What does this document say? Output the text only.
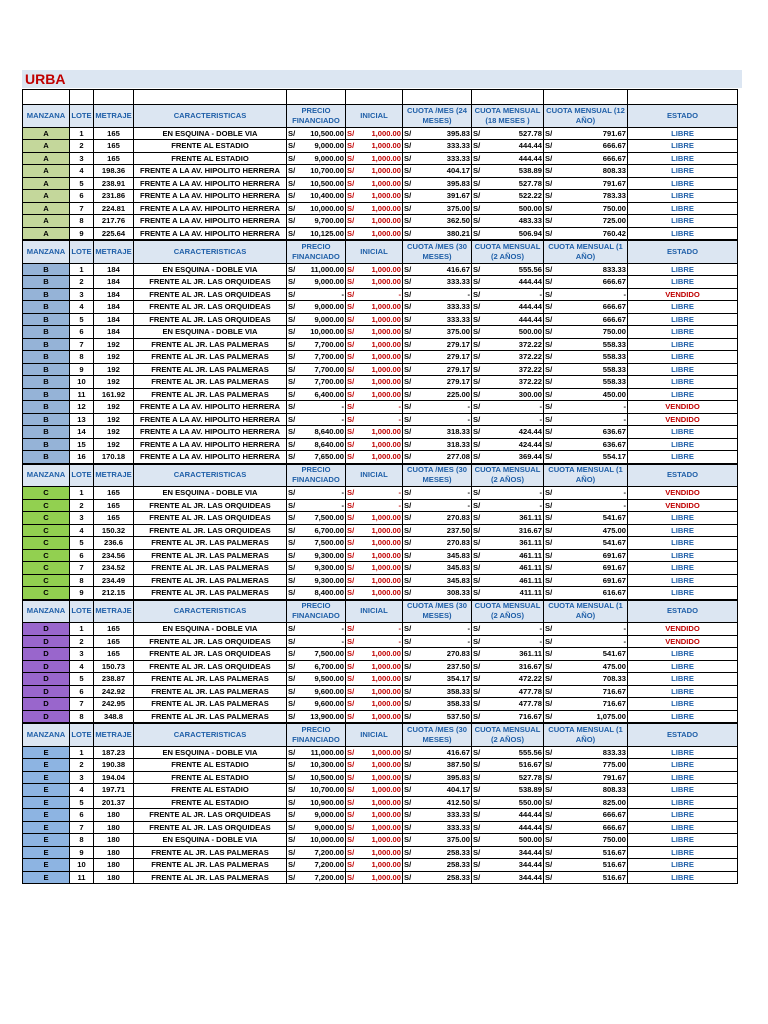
URBA

MANZANA	LOTE	METRAJE	CARACTERISTICAS	PRECIO FINANCIADO	INICIAL	CUOTA /MES (24 MESES)	CUOTA MENSUAL (18 MESES )	CUOTA MENSUAL (12 AÑO)	ESTADO
A	1	165	EN ESQUINA - DOBLE VIA	S/ 10,500.00	S/ 1,000.00	S/ 395.83	S/ 527.78	S/ 791.67	LIBRE
A	2	165	FRENTE AL ESTADIO	S/ 9,000.00	S/ 1,000.00	S/ 333.33	S/ 444.44	S/ 666.67	LIBRE
A	3	165	FRENTE AL ESTADIO	S/ 9,000.00	S/ 1,000.00	S/ 333.33	S/ 444.44	S/ 666.67	LIBRE
A	4	198.36	FRENTE A LA AV. HIPOLITO HERRERA	S/ 10,700.00	S/ 1,000.00	S/ 404.17	S/ 538.89	S/ 808.33	LIBRE
A	5	238.91	FRENTE A LA AV. HIPOLITO HERRERA	S/ 10,500.00	S/ 1,000.00	S/ 395.83	S/ 527.78	S/ 791.67	LIBRE
A	6	231.86	FRENTE A LA AV. HIPOLITO HERRERA	S/ 10,400.00	S/ 1,000.00	S/ 391.67	S/ 522.22	S/ 783.33	LIBRE
A	7	224.81	FRENTE A LA AV. HIPOLITO HERRERA	S/ 10,000.00	S/ 1,000.00	S/ 375.00	S/ 500.00	S/ 750.00	LIBRE
A	8	217.76	FRENTE A LA AV. HIPOLITO HERRERA	S/ 9,700.00	S/ 1,000.00	S/ 362.50	S/ 483.33	S/ 725.00	LIBRE
A	9	225.64	FRENTE A LA AV. HIPOLITO HERRERA	S/ 10,125.00	S/ 1,000.00	S/ 380.21	S/ 506.94	S/ 760.42	LIBRE
MANZANA	LOTE	METRAJE	CARACTERISTICAS	PRECIO FINANCIADO	INICIAL	CUOTA /MES (30 MESES)	CUOTA MENSUAL (2 AÑOS)	CUOTA MENSUAL (1 AÑO)	ESTADO
B	1	184	EN ESQUINA - DOBLE VIA	S/ 11,000.00	S/ 1,000.00	S/ 416.67	S/ 555.56	S/ 833.33	LIBRE
B	2	184	FRENTE AL JR. LAS ORQUIDEAS	S/ 9,000.00	S/ 1,000.00	S/ 333.33	S/ 444.44	S/ 666.67	LIBRE
B	3	184	FRENTE AL JR. LAS ORQUIDEAS	S/ -	S/ -	S/ -	S/ -	S/ -	VENDIDO
B	4	184	FRENTE AL JR. LAS ORQUIDEAS	S/ 9,000.00	S/ 1,000.00	S/ 333.33	S/ 444.44	S/ 666.67	LIBRE
B	5	184	FRENTE AL JR. LAS ORQUIDEAS	S/ 9,000.00	S/ 1,000.00	S/ 333.33	S/ 444.44	S/ 666.67	LIBRE
B	6	184	EN ESQUINA - DOBLE VIA	S/ 10,000.00	S/ 1,000.00	S/ 375.00	S/ 500.00	S/ 750.00	LIBRE
B	7	192	FRENTE AL JR. LAS PALMERAS	S/ 7,700.00	S/ 1,000.00	S/ 279.17	S/ 372.22	S/ 558.33	LIBRE
B	8	192	FRENTE AL JR. LAS PALMERAS	S/ 7,700.00	S/ 1,000.00	S/ 279.17	S/ 372.22	S/ 558.33	LIBRE
B	9	192	FRENTE AL JR. LAS PALMERAS	S/ 7,700.00	S/ 1,000.00	S/ 279.17	S/ 372.22	S/ 558.33	LIBRE
B	10	192	FRENTE AL JR. LAS PALMERAS	S/ 7,700.00	S/ 1,000.00	S/ 279.17	S/ 372.22	S/ 558.33	LIBRE
B	11	161.92	FRENTE AL JR. LAS PALMERAS	S/ 6,400.00	S/ 1,000.00	S/ 225.00	S/ 300.00	S/ 450.00	LIBRE
B	12	192	FRENTE A LA AV. HIPOLITO HERRERA	S/ -	S/ -	S/ -	S/ -	S/ -	VENDIDO
B	13	192	FRENTE A LA AV. HIPOLITO HERRERA	S/ -	S/ -	S/ -	S/ -	S/ -	VENDIDO
B	14	192	FRENTE A LA AV. HIPOLITO HERRERA	S/ 8,640.00	S/ 1,000.00	S/ 318.33	S/ 424.44	S/ 636.67	LIBRE
B	15	192	FRENTE A LA AV. HIPOLITO HERRERA	S/ 8,640.00	S/ 1,000.00	S/ 318.33	S/ 424.44	S/ 636.67	LIBRE
B	16	170.18	FRENTE A LA AV. HIPOLITO HERRERA	S/ 7,650.00	S/ 1,000.00	S/ 277.08	S/ 369.44	S/ 554.17	LIBRE
MANZANA	LOTE	METRAJE	CARACTERISTICAS	PRECIO FINANCIADO	INICIAL	CUOTA /MES (30 MESES)	CUOTA MENSUAL (2 AÑOS)	CUOTA MENSUAL (1 AÑO)	ESTADO
C	1	165	EN ESQUINA - DOBLE VIA	S/ -	S/ -	S/ -	S/ -	S/ -	VENDIDO
C	2	165	FRENTE AL JR. LAS ORQUIDEAS	S/ -	S/ -	S/ -	S/ -	S/ -	VENDIDO
C	3	165	FRENTE AL JR. LAS ORQUIDEAS	S/ 7,500.00	S/ 1,000.00	S/ 270.83	S/ 361.11	S/ 541.67	LIBRE
C	4	150.32	FRENTE AL JR. LAS ORQUIDEAS	S/ 6,700.00	S/ 1,000.00	S/ 237.50	S/ 316.67	S/ 475.00	LIBRE
C	5	236.6	FRENTE AL JR. LAS PALMERAS	S/ 7,500.00	S/ 1,000.00	S/ 270.83	S/ 361.11	S/ 541.67	LIBRE
C	6	234.56	FRENTE AL JR. LAS PALMERAS	S/ 9,300.00	S/ 1,000.00	S/ 345.83	S/ 461.11	S/ 691.67	LIBRE
C	7	234.52	FRENTE AL JR. LAS PALMERAS	S/ 9,300.00	S/ 1,000.00	S/ 345.83	S/ 461.11	S/ 691.67	LIBRE
C	8	234.49	FRENTE AL JR. LAS PALMERAS	S/ 9,300.00	S/ 1,000.00	S/ 345.83	S/ 461.11	S/ 691.67	LIBRE
C	9	212.15	FRENTE AL JR. LAS PALMERAS	S/ 8,400.00	S/ 1,000.00	S/ 308.33	S/ 411.11	S/ 616.67	LIBRE
MANZANA	LOTE	METRAJE	CARACTERISTICAS	PRECIO FINANCIADO	INICIAL	CUOTA /MES (30 MESES)	CUOTA MENSUAL (2 AÑOS)	CUOTA MENSUAL (1 AÑO)	ESTADO
D	1	165	EN ESQUINA - DOBLE VIA	S/ -	S/ -	S/ -	S/ -	S/ -	VENDIDO
D	2	165	FRENTE AL JR. LAS ORQUIDEAS	S/ -	S/ -	S/ -	S/ -	S/ -	VENDIDO
D	3	165	FRENTE AL JR. LAS ORQUIDEAS	S/ 7,500.00	S/ 1,000.00	S/ 270.83	S/ 361.11	S/ 541.67	LIBRE
D	4	150.73	FRENTE AL JR. LAS ORQUIDEAS	S/ 6,700.00	S/ 1,000.00	S/ 237.50	S/ 316.67	S/ 475.00	LIBRE
D	5	238.87	FRENTE AL JR. LAS PALMERAS	S/ 9,500.00	S/ 1,000.00	S/ 354.17	S/ 472.22	S/ 708.33	LIBRE
D	6	242.92	FRENTE AL JR. LAS PALMERAS	S/ 9,600.00	S/ 1,000.00	S/ 358.33	S/ 477.78	S/ 716.67	LIBRE
D	7	242.95	FRENTE AL JR. LAS PALMERAS	S/ 9,600.00	S/ 1,000.00	S/ 358.33	S/ 477.78	S/ 716.67	LIBRE
D	8	348.8	FRENTE AL JR. LAS PALMERAS	S/ 13,900.00	S/ 1,000.00	S/ 537.50	S/ 716.67	S/ 1,075.00	LIBRE
MANZANA	LOTE	METRAJE	CARACTERISTICAS	PRECIO FINANCIADO	INICIAL	CUOTA /MES (30 MESES)	CUOTA MENSUAL (2 AÑOS)	CUOTA MENSUAL (1 AÑO)	ESTADO
E	1	187.23	EN ESQUINA - DOBLE VIA	S/ 11,000.00	S/ 1,000.00	S/ 416.67	S/ 555.56	S/ 833.33	LIBRE
E	2	190.38	FRENTE AL ESTADIO	S/ 10,300.00	S/ 1,000.00	S/ 387.50	S/ 516.67	S/ 775.00	LIBRE
E	3	194.04	FRENTE AL ESTADIO	S/ 10,500.00	S/ 1,000.00	S/ 395.83	S/ 527.78	S/ 791.67	LIBRE
E	4	197.71	FRENTE AL ESTADIO	S/ 10,700.00	S/ 1,000.00	S/ 404.17	S/ 538.89	S/ 808.33	LIBRE
E	5	201.37	FRENTE AL ESTADIO	S/ 10,900.00	S/ 1,000.00	S/ 412.50	S/ 550.00	S/ 825.00	LIBRE
E	6	180	FRENTE AL JR. LAS ORQUIDEAS	S/ 9,000.00	S/ 1,000.00	S/ 333.33	S/ 444.44	S/ 666.67	LIBRE
E	7	180	FRENTE AL JR. LAS ORQUIDEAS	S/ 9,000.00	S/ 1,000.00	S/ 333.33	S/ 444.44	S/ 666.67	LIBRE
E	8	180	EN ESQUINA - DOBLE VIA	S/ 10,000.00	S/ 1,000.00	S/ 375.00	S/ 500.00	S/ 750.00	LIBRE
E	9	180	FRENTE AL JR. LAS PALMERAS	S/ 7,200.00	S/ 1,000.00	S/ 258.33	S/ 344.44	S/ 516.67	LIBRE
E	10	180	FRENTE AL JR. LAS PALMERAS	S/ 7,200.00	S/ 1,000.00	S/ 258.33	S/ 344.44	S/ 516.67	LIBRE
E	11	180	FRENTE AL JR. LAS PALMERAS	S/ 7,200.00	S/ 1,000.00	S/ 258.33	S/ 344.44	S/ 516.67	LIBRE
